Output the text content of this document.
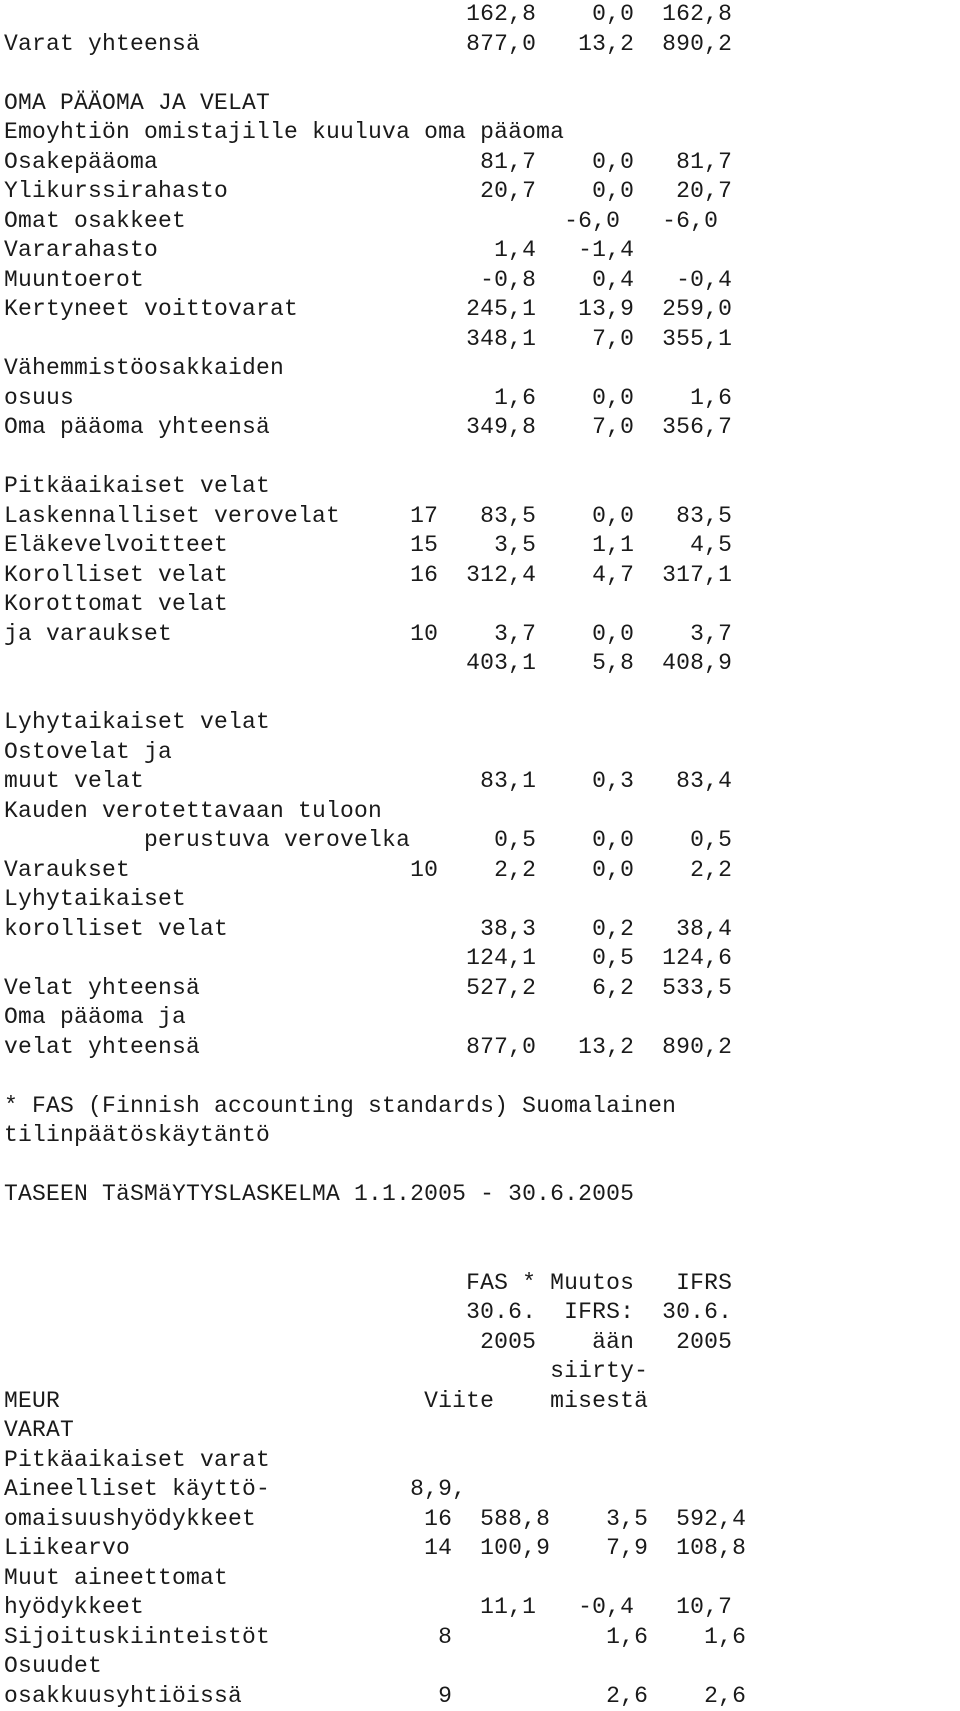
162,8    0,0  162,8
Varat yhteensä                   877,0   13,2  890,2
OMA PÄÄOMA JA VELAT
Emoyhtiön omistajille kuuluva oma pääoma
Osakepääoma                       81,7    0,0   81,7
Ylikurssirahasto                  20,7    0,0   20,7
Omat osakkeet                           -6,0   -6,0
Vararahasto                        1,4   -1,4
Muuntoerot                        -0,8    0,4   -0,4
Kertyneet voittovarat            245,1   13,9  259,0
348,1    7,0  355,1
Vähemmistöosakkaiden
osuus                              1,6    0,0    1,6
Oma pääoma yhteensä              349,8    7,0  356,7
Pitkäaikaiset velat
Laskennalliset verovelat     17   83,5    0,0   83,5
Eläkevelvoitteet             15    3,5    1,1    4,5
Korolliset velat             16  312,4    4,7  317,1
Korottomat velat
ja varaukset                 10    3,7    0,0    3,7
403,1    5,8  408,9
Lyhytaikaiset velat
Ostovelat ja
muut velat                        83,1    0,3   83,4
Kauden verotettavaan tuloon
perustuva verovelka      0,5    0,0    0,5
Varaukset                    10    2,2    0,0    2,2
Lyhytaikaiset
korolliset velat                  38,3    0,2   38,4
124,1    0,5  124,6
Velat yhteensä                   527,2    6,2  533,5
Oma pääoma ja
velat yhteensä                   877,0   13,2  890,2
* FAS (Finnish accounting standards) Suomalainen
tilinpäätöskäytäntö
TASEEN TäSMäYTYSLASKELMA 1.1.2005 - 30.6.2005
FAS * Muutos   IFRS
30.6.  IFRS:  30.6.
2005    ään   2005
siirty-
MEUR                          Viite    misestä
VARAT
Pitkäaikaiset varat
Aineelliset käyttö-          8,9,
omaisuushyödykkeet            16  588,8    3,5  592,4
Liikearvo                     14  100,9    7,9  108,8
Muut aineettomat
hyödykkeet                        11,1   -0,4   10,7
Sijoituskiinteistöt            8           1,6    1,6
Osuudet
osakkuusyhtiöissä              9           2,6    2,6
